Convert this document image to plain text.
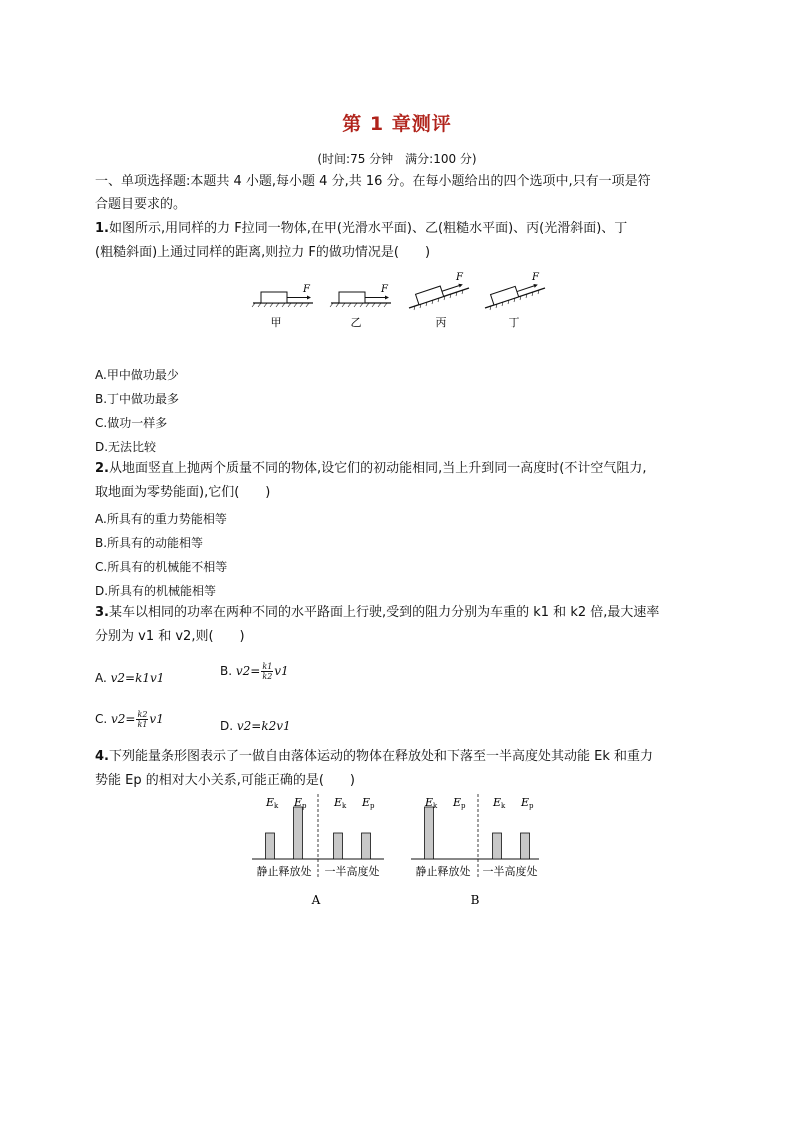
第 1 章测评
(时间:75 分钟　满分:100 分)
一、单项选择题:本题共 4 小题,每小题 4 分,共 16 分。在每小题给出的四个选项中,只有一项是符
合题目要求的。
1.如图所示,用同样的力 F拉同一物体,在甲(光滑水平面)、乙(粗糙水平面)、丙(光滑斜面)、丁
(粗糙斜面)上通过同样的距离,则拉力 F的做功情况是(　　)
F
甲
F
乙
F
丙
F
丁
A.甲中做功最少
B.丁中做功最多
C.做功一样多
D.无法比较
2.从地面竖直上抛两个质量不同的物体,设它们的初动能相同,当上升到同一高度时(不计空气阻力,
取地面为零势能面),它们(　　)
A.所具有的重力势能相等
B.所具有的动能相等
C.所具有的机械能不相等
D.所具有的机械能相等
3.某车以相同的功率在两种不同的水平路面上行驶,受到的阻力分别为车重的 k1 和 k2 倍,最大速率
分别为 v1 和 v2,则(　　)
A. v2=k1v1	B. $v2= \frac{k1}{k2} v1$
C. $v2= \frac{k2}{k1} v1$	D. v2=k2v1
4.下列能量条形图表示了一做自由落体运动的物体在释放处和下落至一半高度处其动能 Ek 和重力
势能 Ep 的相对大小关系,可能正确的是(　　)
Ek Ep Ek Ep
静止释放处 一半高度处
A
Ek Ep Ek Ep
静止释放处 一半高度处
B
